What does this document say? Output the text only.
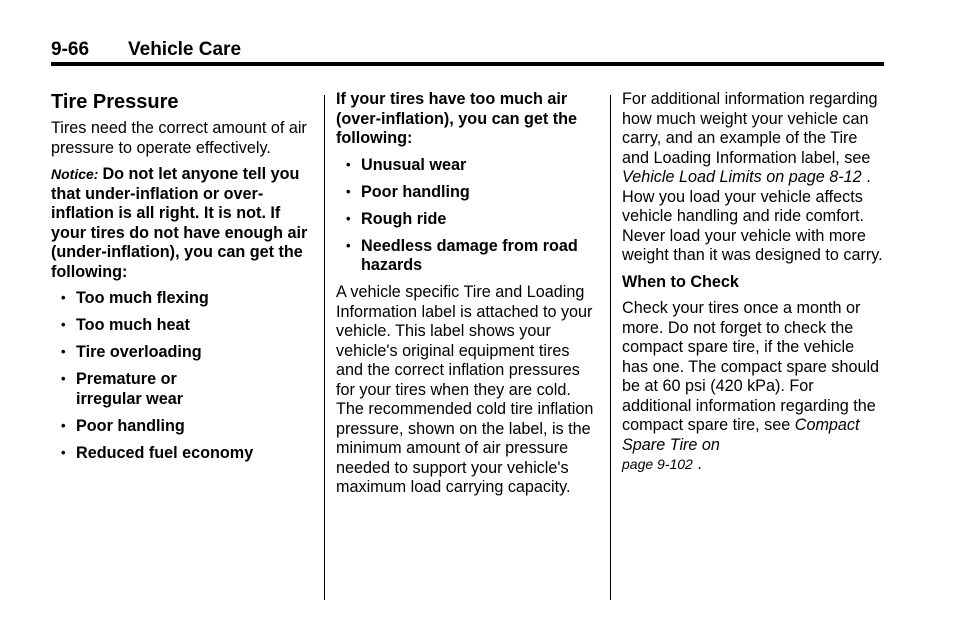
9-66 Vehicle Care
Tire Pressure

Tires need the correct amount of air pressure to operate effectively.

Notice: Do not let anyone tell you that under-inflation or over-inflation is all right. It is not. If your tires do not have enough air (under-inflation), you can get the following:

• Too much flexing
• Too much heat
• Tire overloading
• Premature or irregular wear
• Poor handling
• Reduced fuel economy

If your tires have too much air (over-inflation), you can get the following:

• Unusual wear
• Poor handling
• Rough ride
• Needless damage from road hazards

A vehicle specific Tire and Loading Information label is attached to your vehicle. This label shows your vehicle's original equipment tires and the correct inflation pressures for your tires when they are cold. The recommended cold tire inflation pressure, shown on the label, is the minimum amount of air pressure needed to support your vehicle's maximum load carrying capacity.

For additional information regarding how much weight your vehicle can carry, and an example of the Tire and Loading Information label, see Vehicle Load Limits on page 8-12 .

How you load your vehicle affects vehicle handling and ride comfort. Never load your vehicle with more weight than it was designed to carry.

When to Check

Check your tires once a month or more. Do not forget to check the compact spare tire, if the vehicle has one. The compact spare should be at 60 psi (420 kPa). For additional information regarding the compact spare tire, see Compact Spare Tire on
page 9-102 .
